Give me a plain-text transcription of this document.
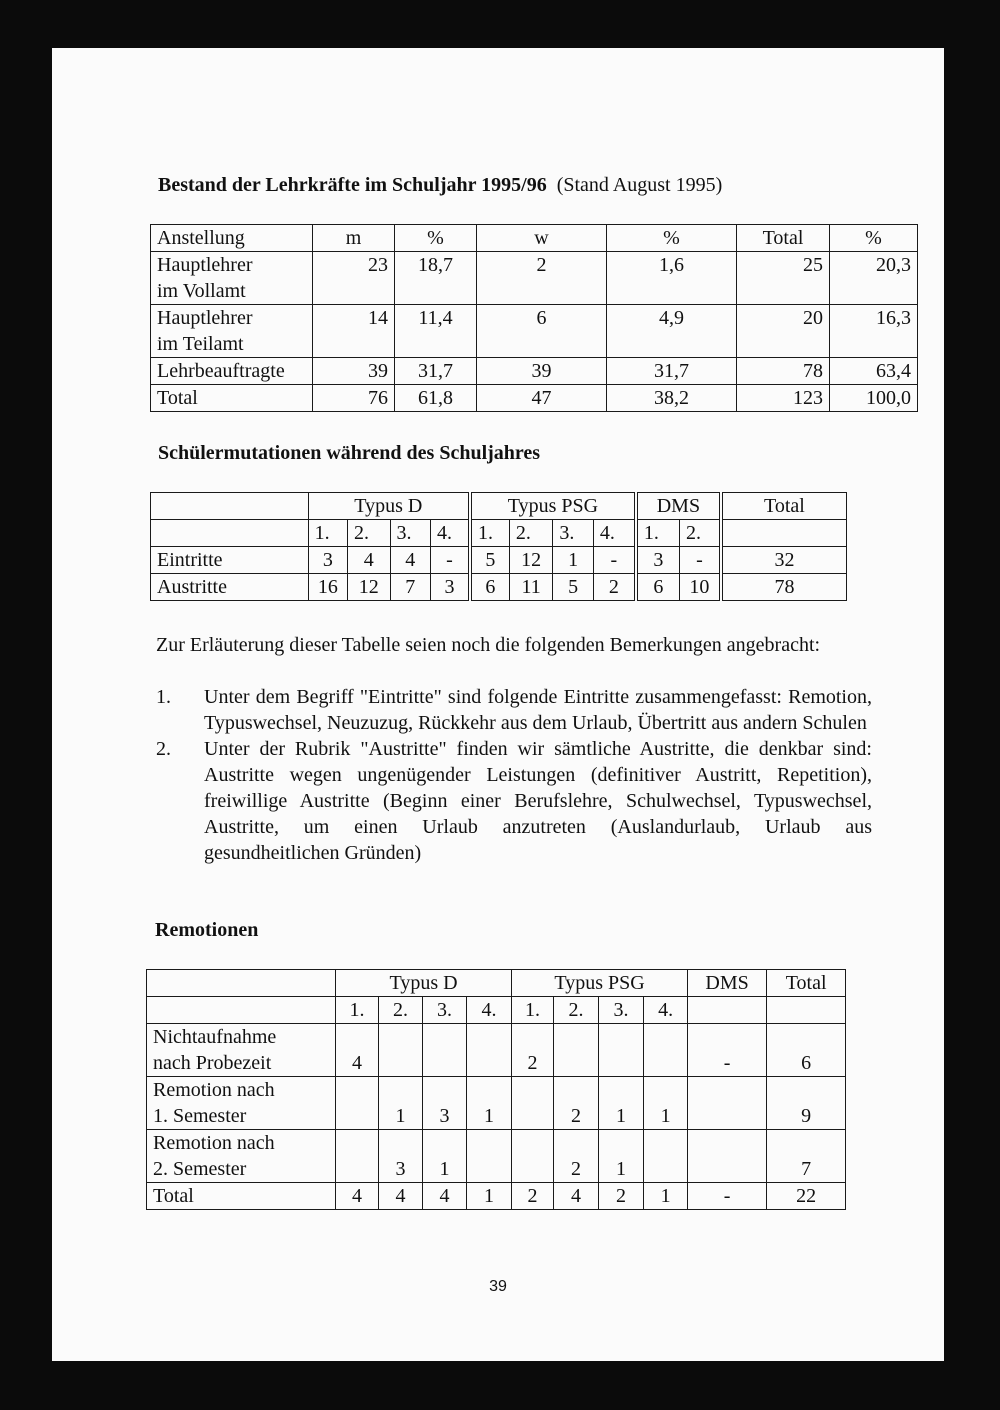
Bestand der Lehrkräfte im Schuljahr 1995/96 (Stand August 1995)
Anstellung	m	%	w	%	Total	%
Hauptlehrer
im Vollamt	23	18,7	2	1,6	25	20,3
Hauptlehrer
im Teilamt	14	11,4	6	4,9	20	16,3
Lehrbeauftragte	39	31,7	39	31,7	78	63,4
Total	76	61,8	47	38,2	123	100,0
Schülermutationen während des Schuljahres
	Typus D				Typus PSG				DMS		Total
	1.	2.	3.	4.	1.	2.	3.	4.	1.	2.	
Eintritte	3	4	4	-	5	12	1	-	3	-	32
Austritte	16	12	7	3	6	11	5	2	6	10	78

Zur Erläuterung dieser Tabelle seien noch die folgenden Bemerkungen angebracht:

1.	Unter dem Begriff "Eintritte" sind folgende Eintritte zusammengefasst: Remotion, Typuswechsel, Neuzuzug, Rückkehr aus dem Urlaub, Übertritt aus andern Schulen
2.	Unter der Rubrik "Austritte" finden wir sämtliche Austritte, die denkbar sind: Austritte wegen ungenügender Leistungen (definitiver Austritt, Repetition), freiwillige Austritte (Beginn einer Berufslehre, Schulwechsel, Typuswechsel, Austritte, um einen Urlaub anzutreten (Auslandurlaub, Urlaub aus gesundheitlichen Gründen)
Remotionen
	Typus D				Typus PSG				DMS	Total
	1.	2.	3.	4.	1.	2.	3.	4.		
Nichtaufnahme
nach Probezeit	4				2				-	6
Remotion nach
1. Semester		1	3	1		2	1	1		9
Remotion nach
2. Semester		3	1			2	1			7
Total	4	4	4	1	2	4	2	1	-	22
39
